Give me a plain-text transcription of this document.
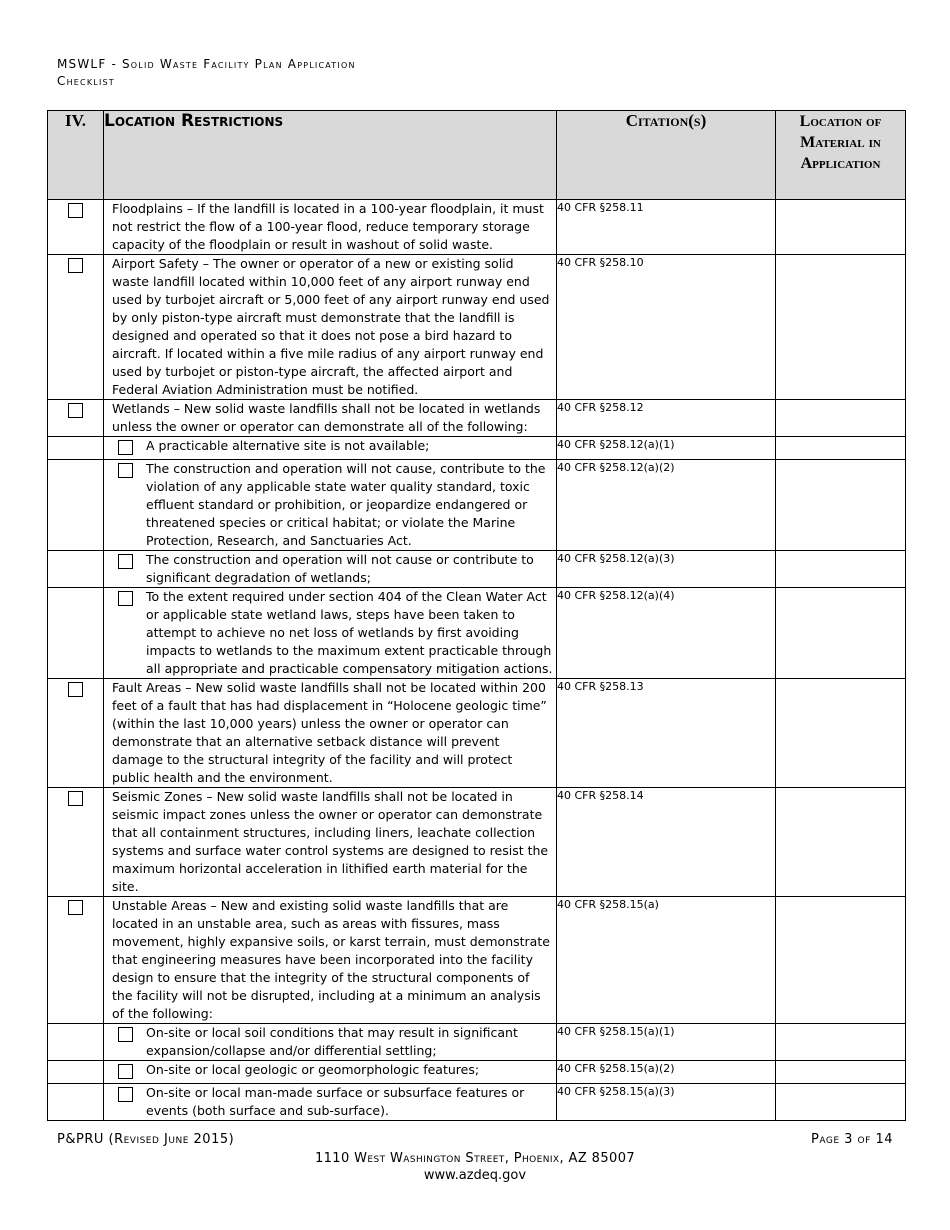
MSWLF - Solid Waste Facility Plan Application
Checklist
IV.	Location Restrictions	Citation(s)	Location of Material in Application

Floodplains – If the landfill is located in a 100-year floodplain, it must not restrict the flow of a 100-year flood, reduce temporary storage capacity of the floodplain or result in washout of solid waste.
	40 CFR §258.11	

Airport Safety – The owner or operator of a new or existing solid waste landfill located within 10,000 feet of any airport runway end used by turbojet aircraft or 5,000 feet of any airport runway end used by only piston-type aircraft must demonstrate that the landfill is designed and operated so that it does not pose a bird hazard to aircraft. If located within a five mile radius of any airport runway end used by turbojet or piston-type aircraft, the affected airport and Federal Aviation Administration must be notified.
	40 CFR §258.10	

Wetlands – New solid waste landfills shall not be located in wetlands unless the owner or operator can demonstrate all of the following:
	40 CFR §258.12	

	A practicable alternative site is not available;
		40 CFR §258.12(a)(1)	

	The construction and operation will not cause, contribute to the violation of any applicable state water quality standard, toxic effluent standard or prohibition, or jeopardize endangered or threatened species or critical habitat; or violate the Marine Protection, Research, and Sanctuaries Act.
	40 CFR §258.12(a)(2)	

	The construction and operation will not cause or contribute to significant degradation of wetlands;
	40 CFR §258.12(a)(3)	

	To the extent required under section 404 of the Clean Water Act or applicable state wetland laws, steps have been taken to attempt to achieve no net loss of wetlands by first avoiding impacts to wetlands to the maximum extent practicable through all appropriate and practicable compensatory mitigation actions.
	40 CFR §258.12(a)(4)	

Fault Areas – New solid waste landfills shall not be located within 200 feet of a fault that has had displacement in “Holocene geologic time” (within the last 10,000 years) unless the owner or operator can demonstrate that an alternative setback distance will prevent damage to the structural integrity of the facility and will protect public health and the environment.
	40 CFR §258.13	

Seismic Zones – New solid waste landfills shall not be located in seismic impact zones unless the owner or operator can demonstrate that all containment structures, including liners, leachate collection systems and surface water control systems are designed to resist the maximum horizontal acceleration in lithified earth material for the site.
	40 CFR §258.14	

Unstable Areas – New and existing solid waste landfills that are located in an unstable area, such as areas with fissures, mass movement, highly expansive soils, or karst terrain, must demonstrate that engineering measures have been incorporated into the facility design to ensure that the integrity of the structural components of the facility will not be disrupted, including at a minimum an analysis of the following:
	40 CFR §258.15(a)	

	On-site or local soil conditions that may result in significant expansion/collapse and/or differential settling;
	40 CFR §258.15(a)(1)	

	On-site or local geologic or geomorphologic features;
		40 CFR §258.15(a)(2)	

	On-site or local man-made surface or subsurface features or events (both surface and sub-surface).
	40 CFR §258.15(a)(3)	
P&PRU (Revised June 2015)	Page 3 of 14
1110 West Washington Street, Phoenix, AZ 85007
www.azdeq.gov
